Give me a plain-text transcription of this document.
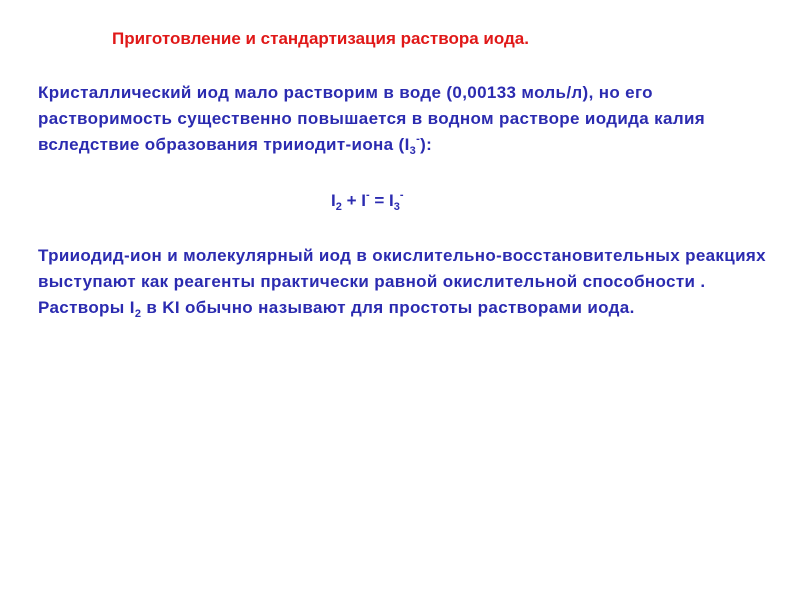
Приготовление и стандартизация раствора иода.
Кристаллический иод мало растворим в воде (0,00133 моль/л), но его растворимость существенно повышается в водном растворе иодида калия вследствие образования трииодит-иона $(I_3^-)$:
$I_2 + I^- = I_3^-$
Трииодид-ион и молекулярный иод в окислительно-восстановительных реакциях выступают как реагенты практически равной окислительной способности . Растворы $I_2$ в KI обычно называют для простоты растворами иода.
